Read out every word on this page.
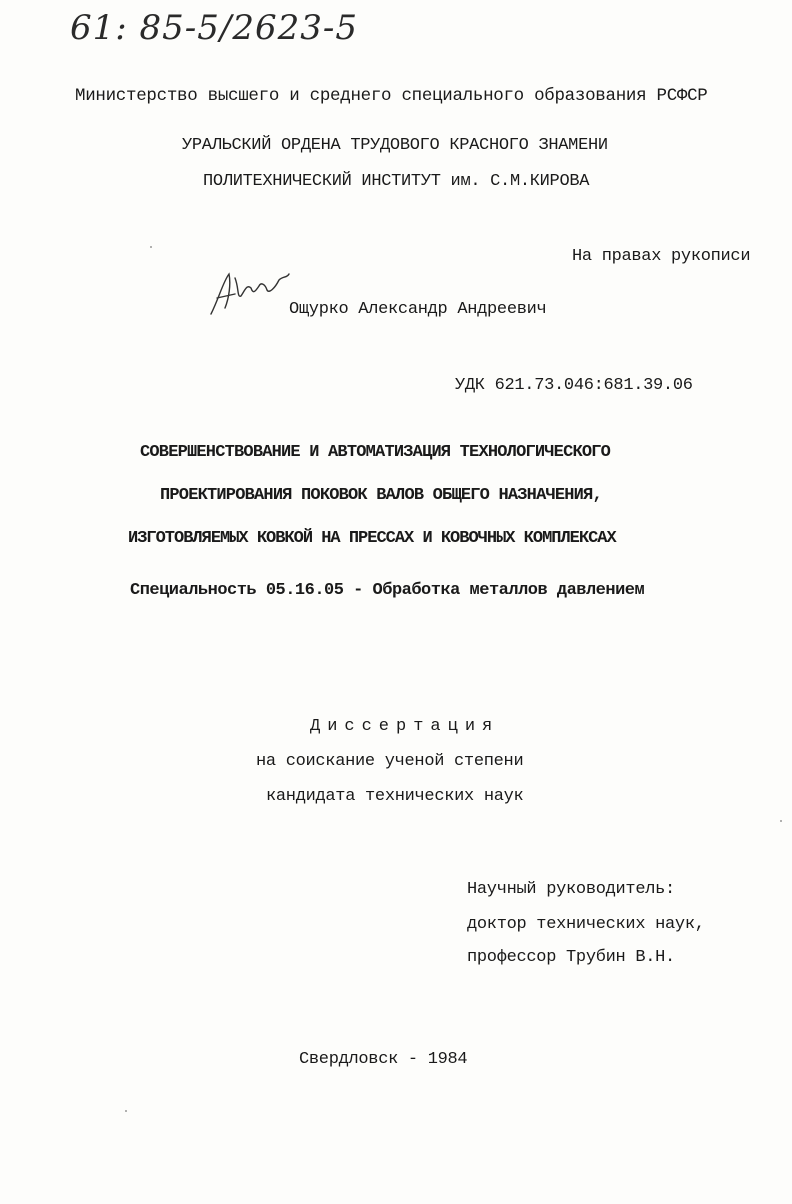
61: 85-5/2623-5
Министерство высшего и среднего специального образования РСФСР
УРАЛЬСКИЙ ОРДЕНА ТРУДОВОГО КРАСНОГО ЗНАМЕНИ
ПОЛИТЕХНИЧЕСКИЙ ИНСТИТУТ им. С.М.КИРОВА
На правах рукописи
Ощурко Александр Андреевич
УДК 621.73.046:681.39.06
СОВЕРШЕНСТВОВАНИЕ И АВТОМАТИЗАЦИЯ ТЕХНОЛОГИЧЕСКОГО
ПРОЕКТИРОВАНИЯ ПОКОВОК ВАЛОВ ОБЩЕГО НАЗНАЧЕНИЯ,
ИЗГОТОВЛЯЕМЫХ КОВКОЙ НА ПРЕССАХ И КОВОЧНЫХ КОМПЛЕКСАХ
Специальность 05.16.05 - Обработка металлов давлением
Диссертация
на соискание ученой степени
кандидата технических наук
Научный руководитель:
доктор технических наук,
профессор Трубин В.Н.
Свердловск - 1984
